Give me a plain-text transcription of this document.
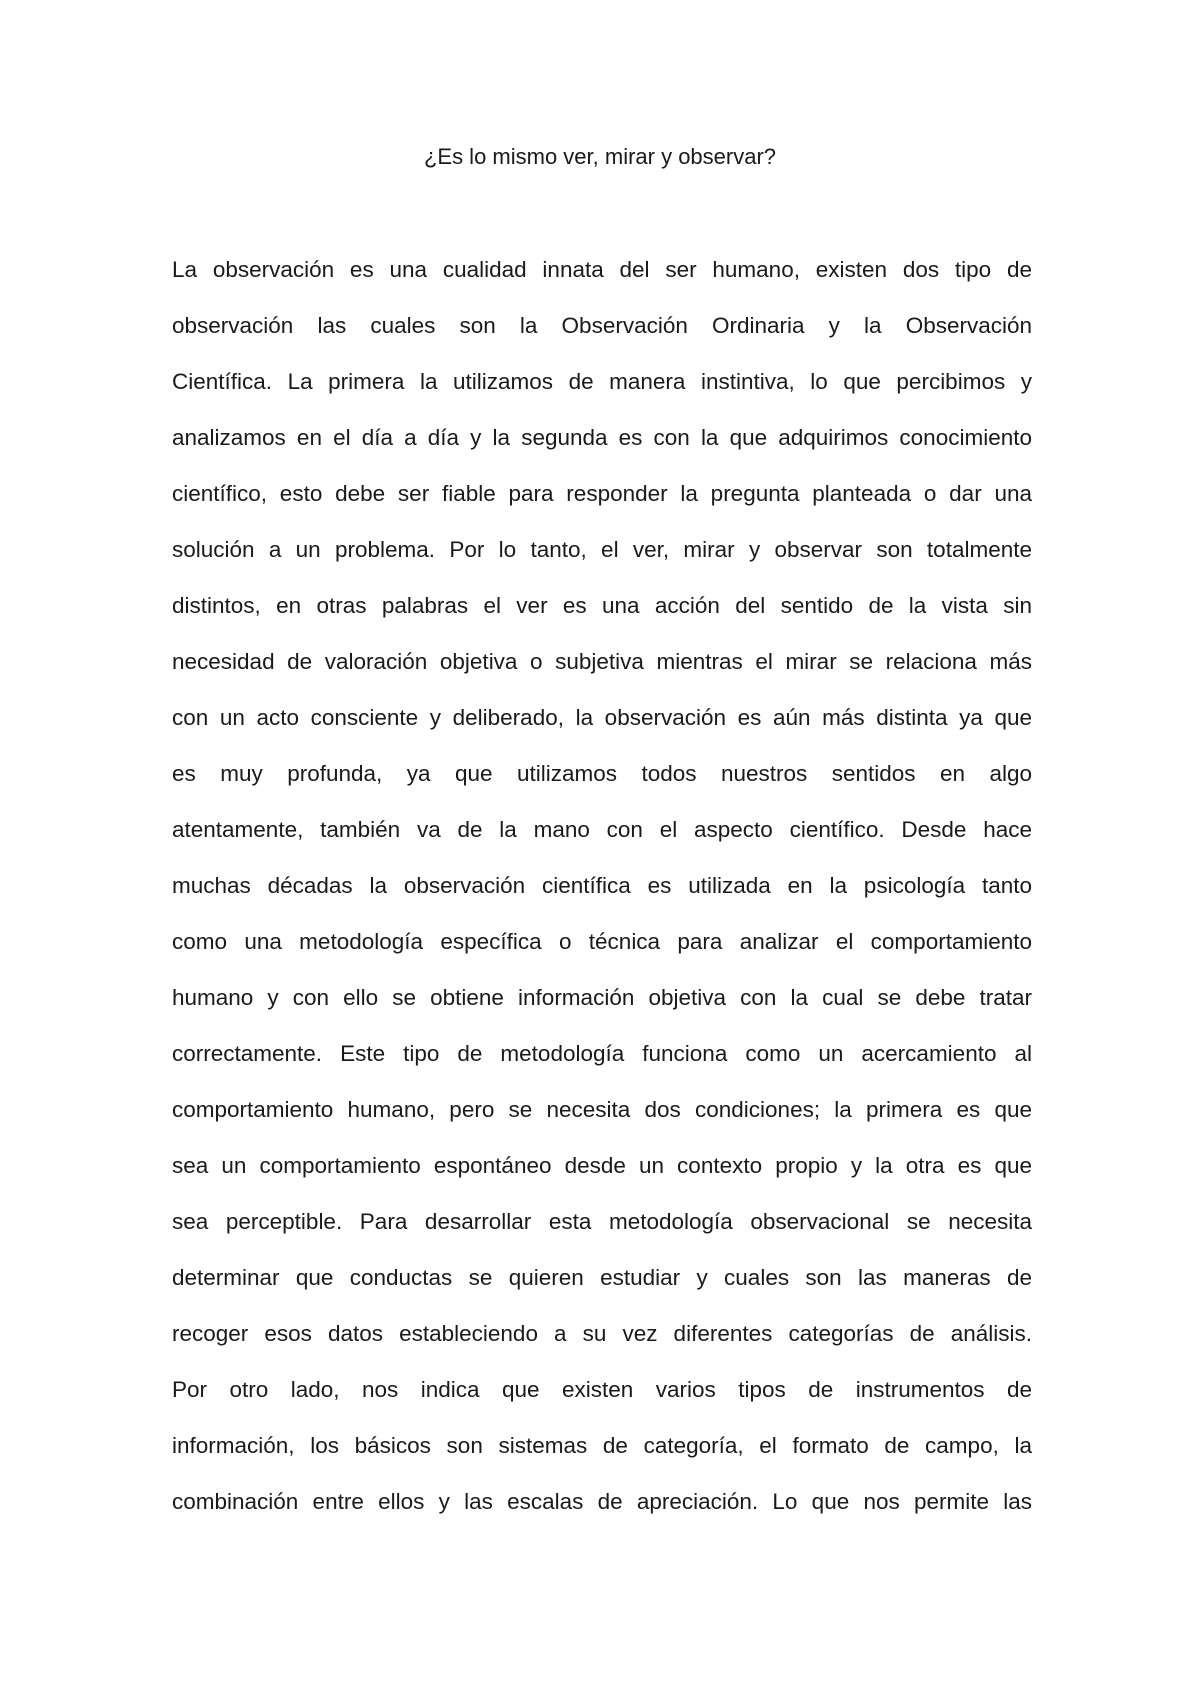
¿Es lo mismo ver, mirar y observar?
La observación es una cualidad innata del ser humano, existen dos tipo de
observación las cuales son la Observación Ordinaria y la Observación
Científica. La primera la utilizamos de manera instintiva, lo que percibimos y
analizamos en el día a día y la segunda es con la que adquirimos conocimiento
científico, esto debe ser fiable para responder la pregunta planteada o dar una
solución a un problema. Por lo tanto, el ver, mirar y observar son totalmente
distintos, en otras palabras el ver es una acción del sentido de la vista sin
necesidad de valoración objetiva o subjetiva mientras el mirar se relaciona más
con un acto consciente y deliberado, la observación es aún más distinta ya que
es muy profunda, ya que utilizamos todos nuestros sentidos en algo
atentamente, también va de la mano con el aspecto científico. Desde hace
muchas décadas la observación científica es utilizada en la psicología tanto
como una metodología específica o técnica para analizar el comportamiento
humano y con ello se obtiene información objetiva con la cual se debe tratar
correctamente. Este tipo de metodología funciona como un acercamiento al
comportamiento humano, pero se necesita dos condiciones; la primera es que
sea un comportamiento espontáneo desde un contexto propio y la otra es que
sea perceptible. Para desarrollar esta metodología observacional se necesita
determinar que conductas se quieren estudiar y cuales son las maneras de
recoger esos datos estableciendo a su vez diferentes categorías de análisis.
Por otro lado, nos indica que existen varios tipos de instrumentos de
información, los básicos son sistemas de categoría, el formato de campo, la
combinación entre ellos y las escalas de apreciación. Lo que nos permite las
